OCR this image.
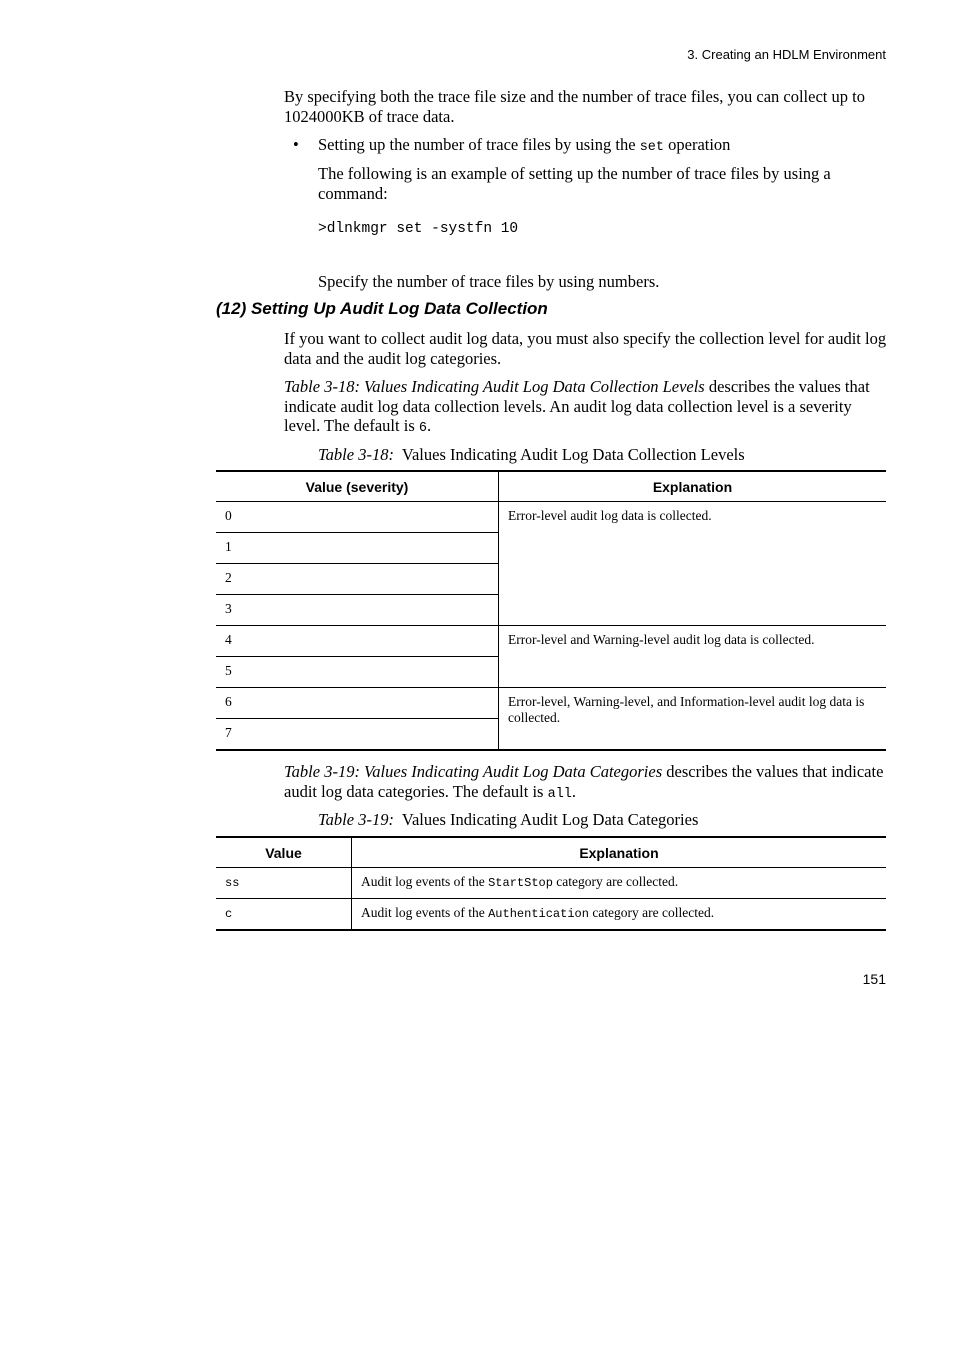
3. Creating an HDLM Environment
By specifying both the trace file size and the number of trace files, you can collect up to 1024000KB of trace data.
• Setting up the number of trace files by using the set operation
The following is an example of setting up the number of trace files by using a command:
>dlnkmgr set -systfn 10
Specify the number of trace files by using numbers.
(12) Setting Up Audit Log Data Collection
If you want to collect audit log data, you must also specify the collection level for audit log data and the audit log categories.
Table 3-18: Values Indicating Audit Log Data Collection Levels describes the values that indicate audit log data collection levels. An audit log data collection level is a severity level. The default is 6.
Table 3-18: Values Indicating Audit Log Data Collection Levels
Value (severity)	Explanation
0	Error-level audit log data is collected.
1	
2	
3	
4	Error-level and Warning-level audit log data is collected.
5	
6	Error-level, Warning-level, and Information-level audit log data is collected.
7	
Table 3-19: Values Indicating Audit Log Data Categories describes the values that indicate audit log data categories. The default is all.
Table 3-19: Values Indicating Audit Log Data Categories
Value	Explanation
ss	Audit log events of the StartStop category are collected.
c	Audit log events of the Authentication category are collected.
151
